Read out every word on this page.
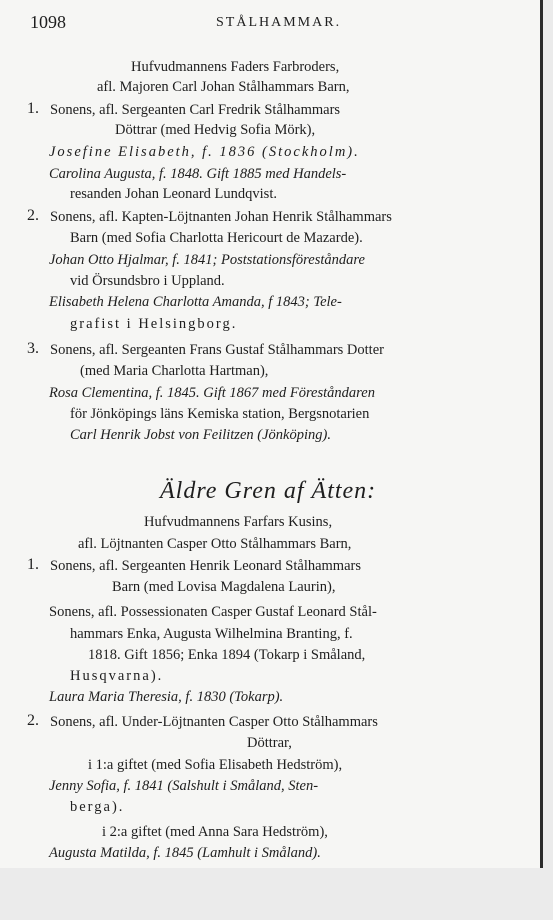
1098	STÅLHAMMAR.
Hufvudmannens Faders Farbroders,
afl. Majoren Carl Johan Stålhammars Barn,
1. Sonens, afl. Sergeanten Carl Fredrik Stålhammars
Döttrar (med Hedvig Sofia Mörk),
Josefine Elisabeth, f. 1836 (Stockholm).
Carolina Augusta, f. 1848. Gift 1885 med Handels-
resanden Johan Leonard Lundqvist.
2. Sonens, afl. Kapten-Löjtnanten Johan Henrik Stålhammars
Barn (med Sofia Charlotta Hericourt de Mazarde).
Johan Otto Hjalmar, f. 1841; Poststationsföreståndare
vid Örsundsbro i Uppland.
Elisabeth Helena Charlotta Amanda, f 1843; Tele-
grafist i Helsingborg.
3. Sonens, afl. Sergeanten Frans Gustaf Stålhammars Dotter
(med Maria Charlotta Hartman),
Rosa Clementina, f. 1845. Gift 1867 med Föreståndaren
för Jönköpings läns Kemiska station, Bergsnotarien
Carl Henrik Jobst von Feilitzen (Jönköping).
Äldre Gren af Ätten:
Hufvudmannens Farfars Kusins,
afl. Löjtnanten Casper Otto Stålhammars Barn,
1. Sonens, afl. Sergeanten Henrik Leonard Stålhammars
Barn (med Lovisa Magdalena Laurin),
Sonens, afl. Possessionaten Casper Gustaf Leonard Stål-
hammars Enka, Augusta Wilhelmina Branting, f.
1818. Gift 1856; Enka 1894 (Tokarp i Småland,
Husqvarna).
Laura Maria Theresia, f. 1830 (Tokarp).
2. Sonens, afl. Under-Löjtnanten Casper Otto Stålhammars
Döttrar,
i 1:a giftet (med Sofia Elisabeth Hedström),
Jenny Sofia, f. 1841 (Salshult i Småland, Sten-
berga).
i 2:a giftet (med Anna Sara Hedström),
Augusta Matilda, f. 1845 (Lamhult i Småland).
